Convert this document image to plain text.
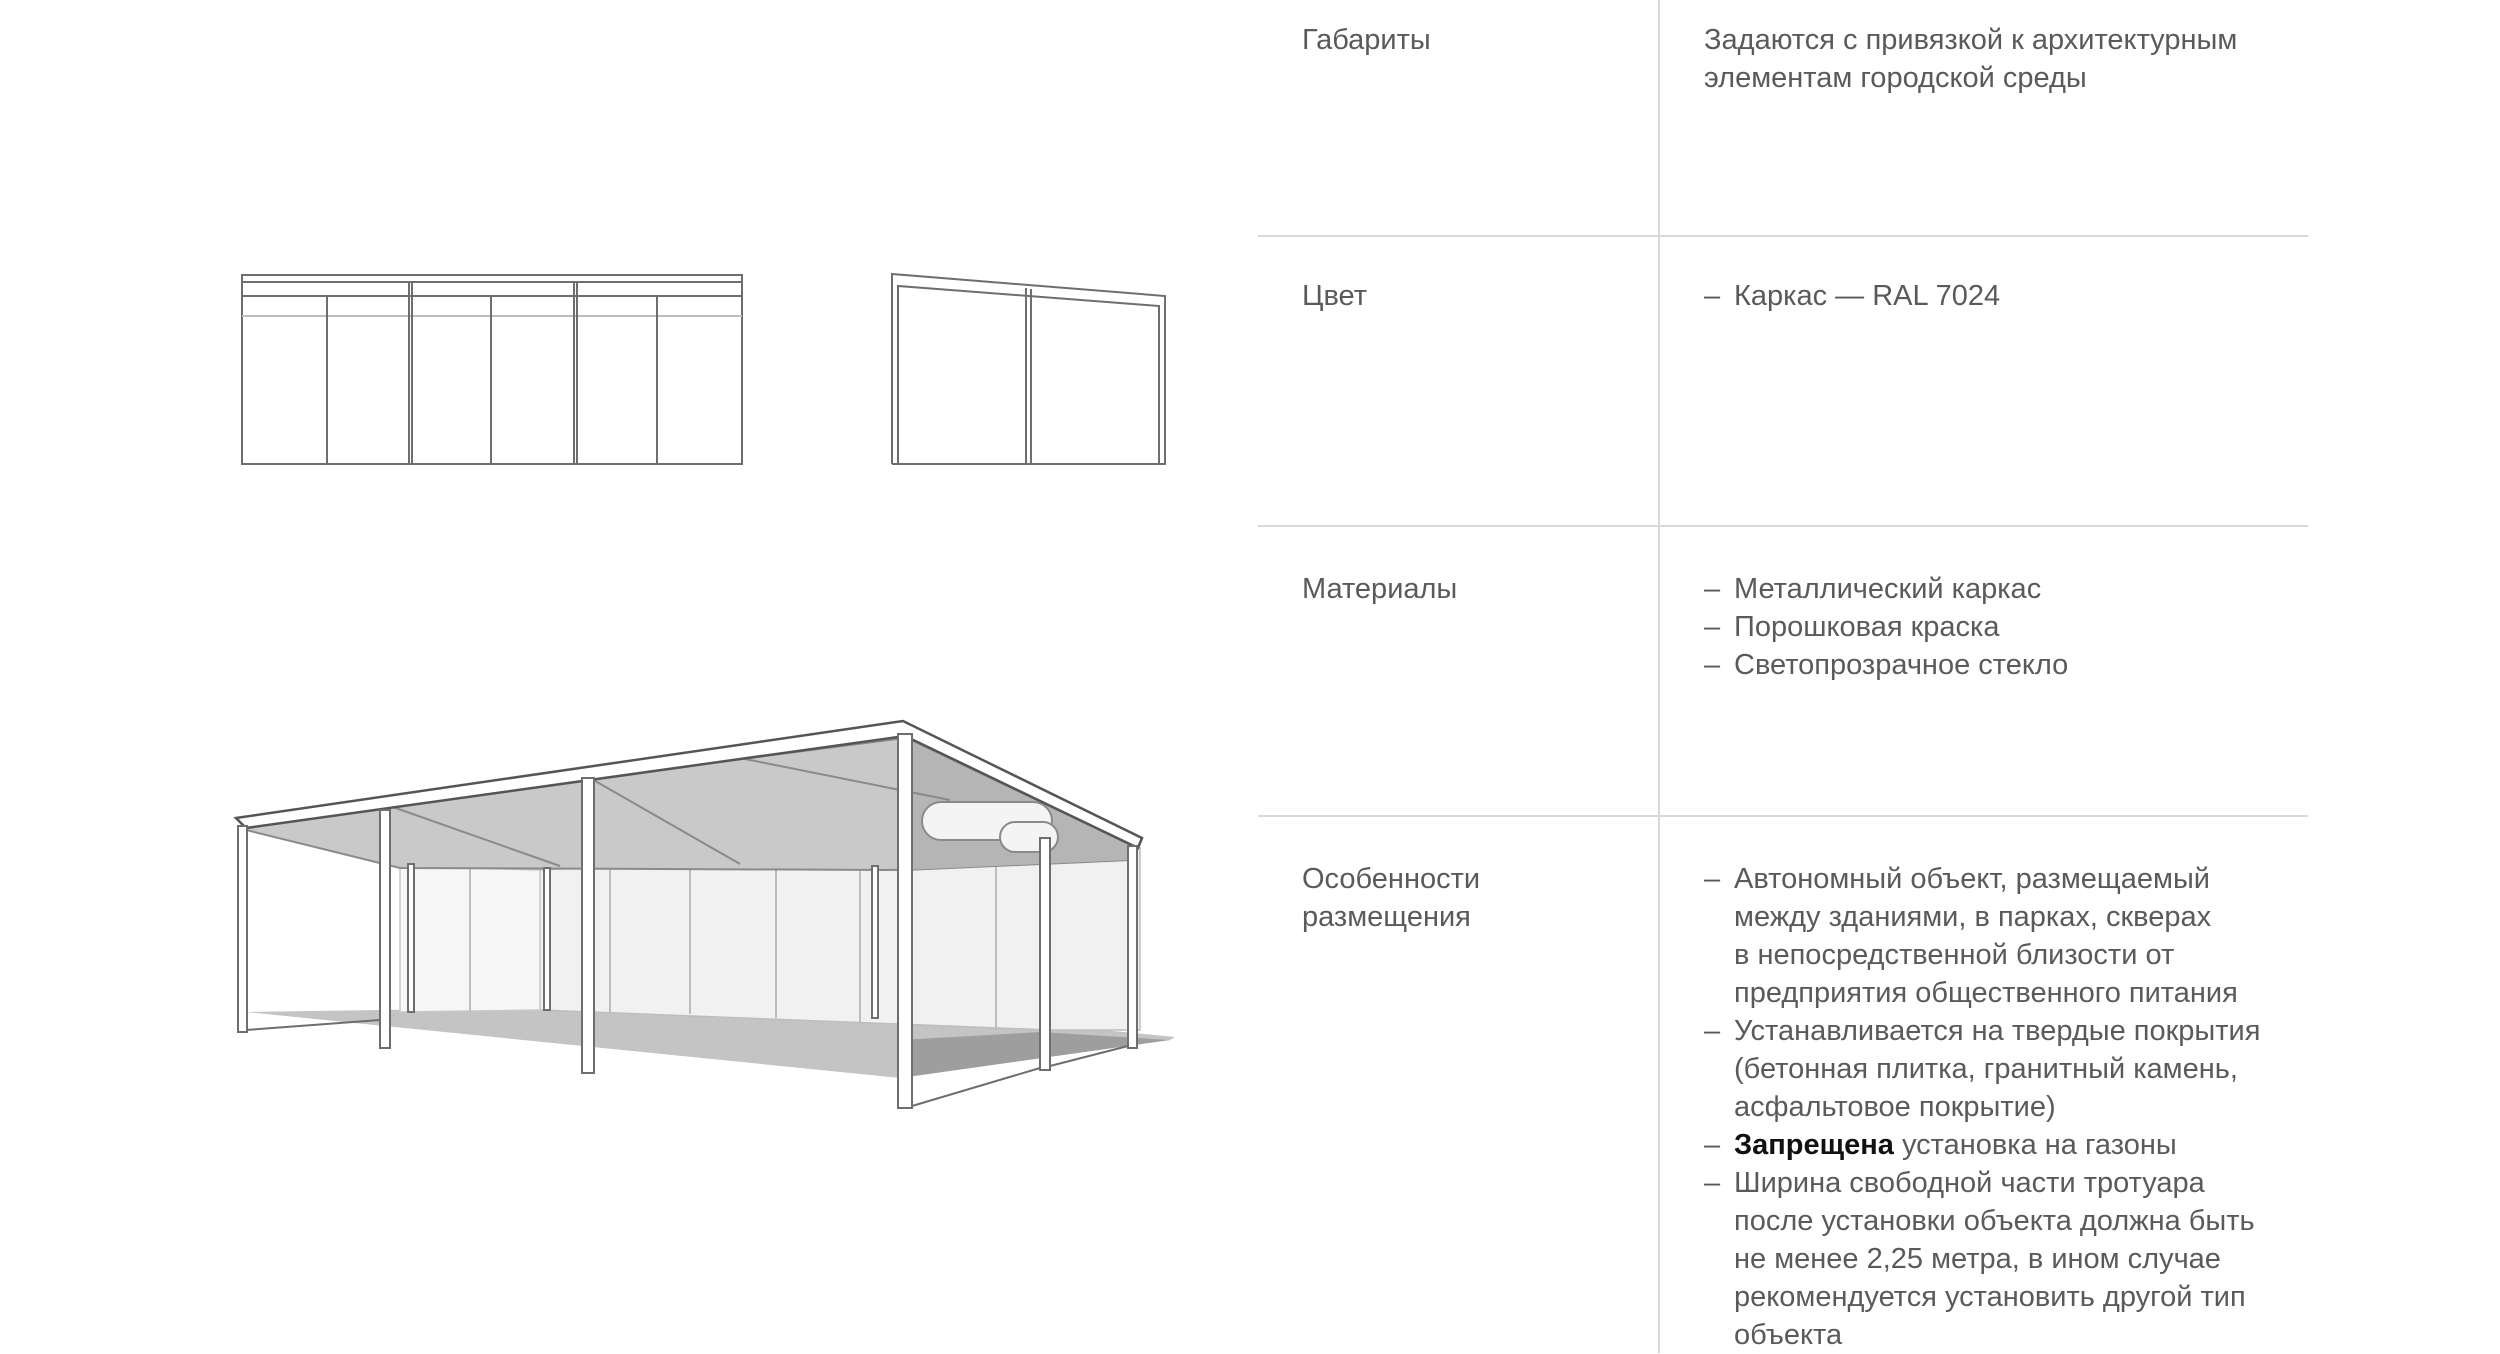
Габариты	Задаются с привязкой к архитектурным

элементам городской среды

Цвет	– Каркас — RAL 7024

Материалы	– Металлический каркас

– Порошковая краска

– Светопрозрачное стекло

Особенности
размещения
– Автономный объект, размещаемый
между зданиями, в парках, скверах
в непосредственной близости от
предприятия общественного питания
– Устанавливается на твердые покрытия
(бетонная плитка, гранитный камень,
асфальтовое покрытие)
– Запрещена установка на газоны
– Ширина свободной части тротуара
после установки объекта должна быть
не менее 2,25 метра, в ином случае
рекомендуется установить другой тип
объекта
